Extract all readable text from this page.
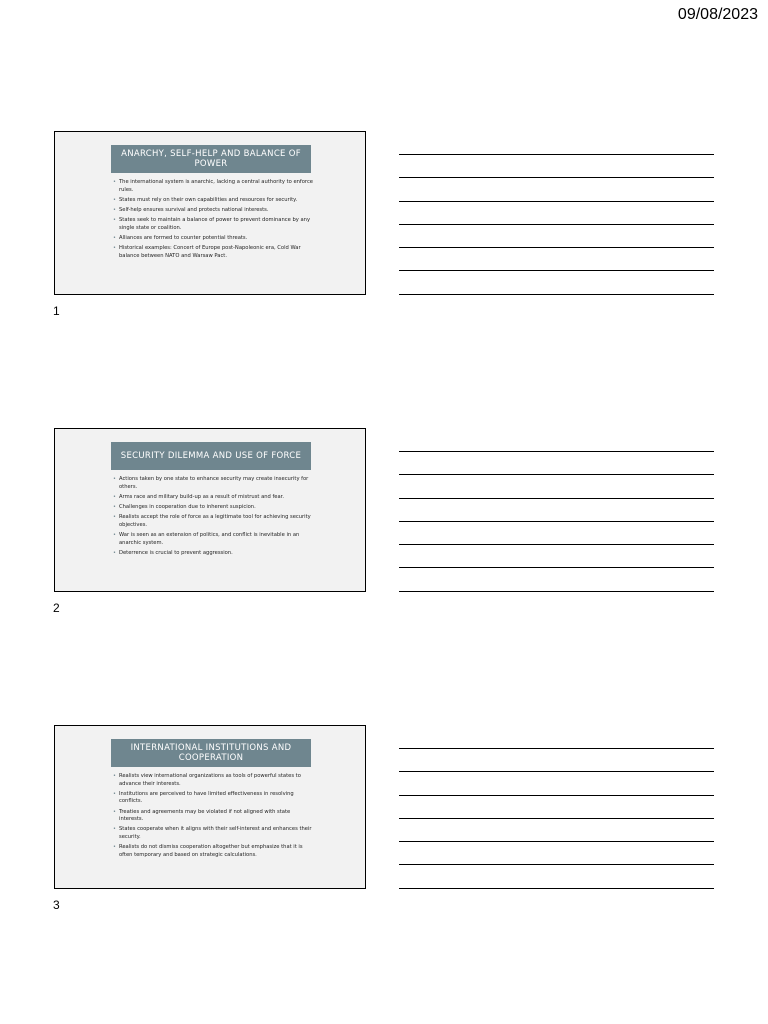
09/08/2023
ANARCHY, SELF-HELP AND BALANCE OF POWER
• The international system is anarchic, lacking a central authority to enforce rules.
• States must rely on their own capabilities and resources for security.
• Self-help ensures survival and protects national interests.
• States seek to maintain a balance of power to prevent dominance by any single state or coalition.
• Alliances are formed to counter potential threats.
• Historical examples: Concert of Europe post-Napoleonic era, Cold War balance between NATO and Warsaw Pact.
1
SECURITY DILEMMA AND USE OF FORCE
• Actions taken by one state to enhance security may create insecurity for others.
• Arms race and military build-up as a result of mistrust and fear.
• Challenges in cooperation due to inherent suspicion.
• Realists accept the role of force as a legitimate tool for achieving security objectives.
• War is seen as an extension of politics, and conflict is inevitable in an anarchic system.
• Deterrence is crucial to prevent aggression.
2
INTERNATIONAL INSTITUTIONS AND COOPERATION
• Realists view international organizations as tools of powerful states to advance their interests.
• Institutions are perceived to have limited effectiveness in resolving conflicts.
• Treaties and agreements may be violated if not aligned with state interests.
• States cooperate when it aligns with their self-interest and enhances their security.
• Realists do not dismiss cooperation altogether but emphasize that it is often temporary and based on strategic calculations.
3
